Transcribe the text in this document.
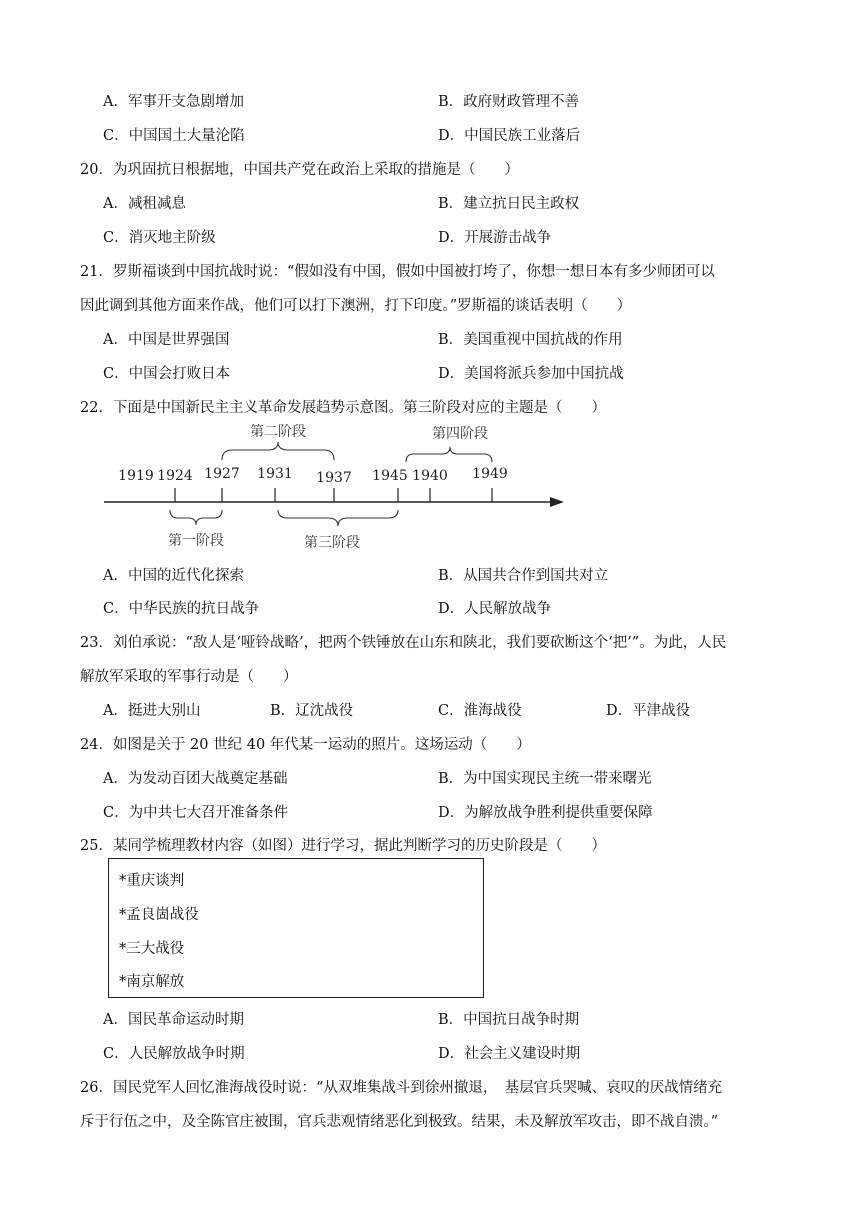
A．军事开支急剧增加	B．政府财政管理不善
C．中国国土大量沦陷	D．中国民族工业落后
20．为巩固抗日根据地，中国共产党在政治上采取的措施是（　　）
A．减租减息	B．建立抗日民主政权
C．消灭地主阶级	D．开展游击战争
21．罗斯福谈到中国抗战时说：“假如没有中国，假如中国被打垮了，你想一想日本有多少师团可以
因此调到其他方面来作战，他们可以打下澳洲，打下印度。”罗斯福的谈话表明（　　）
A．中国是世界强国	B．美国重视中国抗战的作用
C．中国会打败日本	D．美国将派兵参加中国抗战
22．下面是中国新民主主义革命发展趋势示意图。第三阶段对应的主题是（　　）
1919 1924 1927 1931 1937 1945 1940 1949
第二阶段	第四阶段
第一阶段	第三阶段
A．中国的近代化探索	B．从国共合作到国共对立
C．中华民族的抗日战争	D．人民解放战争
23．刘伯承说：“敌人是‘哑铃战略’，把两个铁锤放在山东和陕北，我们要砍断这个‘把’”。为此，人民
解放军采取的军事行动是（　　）
A．挺进大别山	B．辽沈战役	C．淮海战役	D．平津战役
24．如图是关于 20 世纪 40 年代某一运动的照片。这场运动（　　）
A．为发动百团大战奠定基础	B．为中国实现民主统一带来曙光
C．为中共七大召开准备条件	D．为解放战争胜利提供重要保障
25．某同学梳理教材内容（如图）进行学习，据此判断学习的历史阶段是（　　）
*重庆谈判
*孟良崮战役
*三大战役
*南京解放
A．国民革命运动时期	B．中国抗日战争时期
C．人民解放战争时期	D．社会主义建设时期
26．国民党军人回忆淮海战役时说：“从双堆集战斗到徐州撤退，　基层官兵哭喊、哀叹的厌战情绪充
斥于行伍之中，及全陈官庄被围，官兵悲观情绪恶化到极致。结果，未及解放军攻击，即不战自溃。”
